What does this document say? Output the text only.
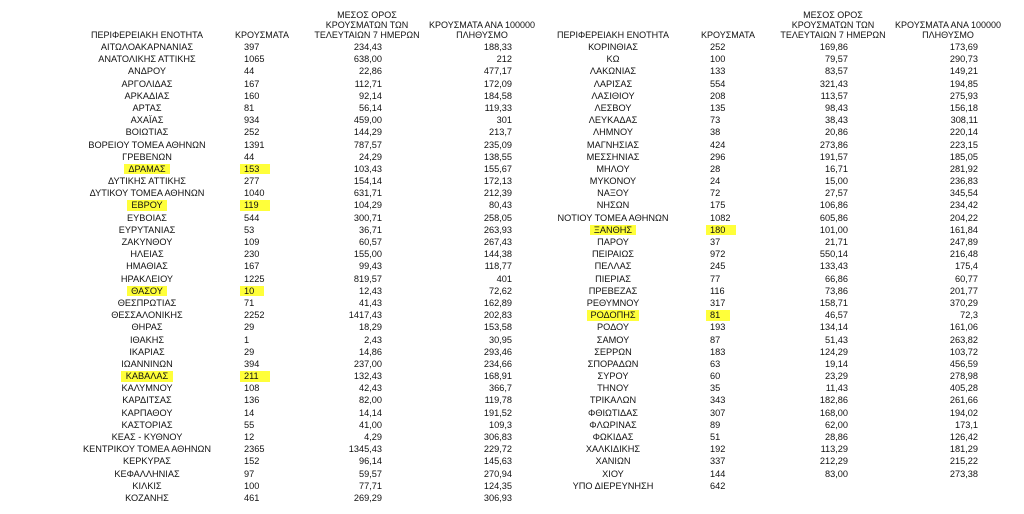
ΠΕΡΙΦΕΡΕΙΑΚΗ ΕΝΟΤΗΤΑ	ΚΡΟΥΣΜΑΤΑ
ΜΕΣΟΣ ΟΡΟΣ
ΚΡΟΥΣΜΑΤΩΝ ΤΩΝ
ΤΕΛΕΥΤΑΙΩΝ 7 ΗΜΕΡΩΝ
ΚΡΟΥΣΜΑΤΑ ΑΝΑ 100000
ΠΛΗΘΥΣΜΟ
ΑΙΤΩΛΟΑΚΑΡΝΑΝΙΑΣ	397	234,43	188,33
ΑΝΑΤΟΛΙΚΗΣ ΑΤΤΙΚΗΣ	1065	638,00	212
ΑΝΔΡΟΥ	44	22,86	477,17
ΑΡΓΟΛΙΔΑΣ	167	112,71	172,09
ΑΡΚΑΔΙΑΣ	160	92,14	184,58
ΑΡΤΑΣ	81	56,14	119,33
ΑΧΑΪΑΣ	934	459,00	301
ΒΟΙΩΤΙΑΣ	252	144,29	213,7
ΒΟΡΕΙΟΥ ΤΟΜΕΑ ΑΘΗΝΩΝ	1391	787,57	235,09
ΓΡΕΒΕΝΩΝ	44	24,29	138,55
ΔΡΑΜΑΣ	153	103,43	155,67
ΔΥΤΙΚΗΣ ΑΤΤΙΚΗΣ	277	154,14	172,13
ΔΥΤΙΚΟΥ ΤΟΜΕΑ ΑΘΗΝΩΝ	1040	631,71	212,39
ΕΒΡΟΥ	119	104,29	80,43
ΕΥΒΟΙΑΣ	544	300,71	258,05
ΕΥΡΥΤΑΝΙΑΣ	53	36,71	263,93
ΖΑΚΥΝΘΟΥ	109	60,57	267,43
ΗΛΕΙΑΣ	230	155,00	144,38
ΗΜΑΘΙΑΣ	167	99,43	118,77
ΗΡΑΚΛΕΙΟΥ	1225	819,57	401
ΘΑΣΟΥ	10	12,43	72,62
ΘΕΣΠΡΩΤΙΑΣ	71	41,43	162,89
ΘΕΣΣΑΛΟΝΙΚΗΣ	2252	1417,43	202,83
ΘΗΡΑΣ	29	18,29	153,58
ΙΘΑΚΗΣ	1	2,43	30,95
ΙΚΑΡΙΑΣ	29	14,86	293,46
ΙΩΑΝΝΙΝΩΝ	394	237,00	234,66
ΚΑΒΑΛΑΣ	211	132,43	168,91
ΚΑΛΥΜΝΟΥ	108	42,43	366,7
ΚΑΡΔΙΤΣΑΣ	136	82,00	119,78
ΚΑΡΠΑΘΟΥ	14	14,14	191,52
ΚΑΣΤΟΡΙΑΣ	55	41,00	109,3
ΚΕΑΣ - ΚΥΘΝΟΥ	12	4,29	306,83
ΚΕΝΤΡΙΚΟΥ ΤΟΜΕΑ ΑΘΗΝΩΝ	2365	1345,43	229,72
ΚΕΡΚΥΡΑΣ	152	96,14	145,63
ΚΕΦΑΛΛΗΝΙΑΣ	97	59,57	270,94
ΚΙΛΚΙΣ	100	77,71	124,35
ΚΟΖΑΝΗΣ	461	269,29	306,93
ΠΕΡΙΦΕΡΕΙΑΚΗ ΕΝΟΤΗΤΑ	ΚΡΟΥΣΜΑΤΑ
ΜΕΣΟΣ ΟΡΟΣ
ΚΡΟΥΣΜΑΤΩΝ ΤΩΝ
ΤΕΛΕΥΤΑΙΩΝ 7 ΗΜΕΡΩΝ
ΚΡΟΥΣΜΑΤΑ ΑΝΑ 100000
ΠΛΗΘΥΣΜΟ
ΚΟΡΙΝΘΙΑΣ	252	169,86	173,69
ΚΩ	100	79,57	290,73
ΛΑΚΩΝΙΑΣ	133	83,57	149,21
ΛΑΡΙΣΑΣ	554	321,43	194,85
ΛΑΣΙΘΙΟΥ	208	113,57	275,93
ΛΕΣΒΟΥ	135	98,43	156,18
ΛΕΥΚΑΔΑΣ	73	38,43	308,11
ΛΗΜΝΟΥ	38	20,86	220,14
ΜΑΓΝΗΣΙΑΣ	424	273,86	223,15
ΜΕΣΣΗΝΙΑΣ	296	191,57	185,05
ΜΗΛΟΥ	28	16,71	281,92
ΜΥΚΟΝΟΥ	24	15,00	236,83
ΝΑΞΟΥ	72	27,57	345,54
ΝΗΣΩΝ	175	106,86	234,42
ΝΟΤΙΟΥ ΤΟΜΕΑ ΑΘΗΝΩΝ	1082	605,86	204,22
ΞΑΝΘΗΣ	180	101,00	161,84
ΠΑΡΟΥ	37	21,71	247,89
ΠΕΙΡΑΙΩΣ	972	550,14	216,48
ΠΕΛΛΑΣ	245	133,43	175,4
ΠΙΕΡΙΑΣ	77	66,86	60,77
ΠΡΕΒΕΖΑΣ	116	73,86	201,77
ΡΕΘΥΜΝΟΥ	317	158,71	370,29
ΡΟΔΟΠΗΣ	81	46,57	72,3
ΡΟΔΟΥ	193	134,14	161,06
ΣΑΜΟΥ	87	51,43	263,82
ΣΕΡΡΩΝ	183	124,29	103,72
ΣΠΟΡΑΔΩΝ	63	19,14	456,59
ΣΥΡΟΥ	60	23,29	278,98
ΤΗΝΟΥ	35	11,43	405,28
ΤΡΙΚΑΛΩΝ	343	182,86	261,66
ΦΘΙΩΤΙΔΑΣ	307	168,00	194,02
ΦΛΩΡΙΝΑΣ	89	62,00	173,1
ΦΩΚΙΔΑΣ	51	28,86	126,42
ΧΑΛΚΙΔΙΚΗΣ	192	113,29	181,29
ΧΑΝΙΩΝ	337	212,29	215,22
ΧΙΟΥ	144	83,00	273,38
ΥΠΟ ΔΙΕΡΕΥΝΗΣΗ	642
